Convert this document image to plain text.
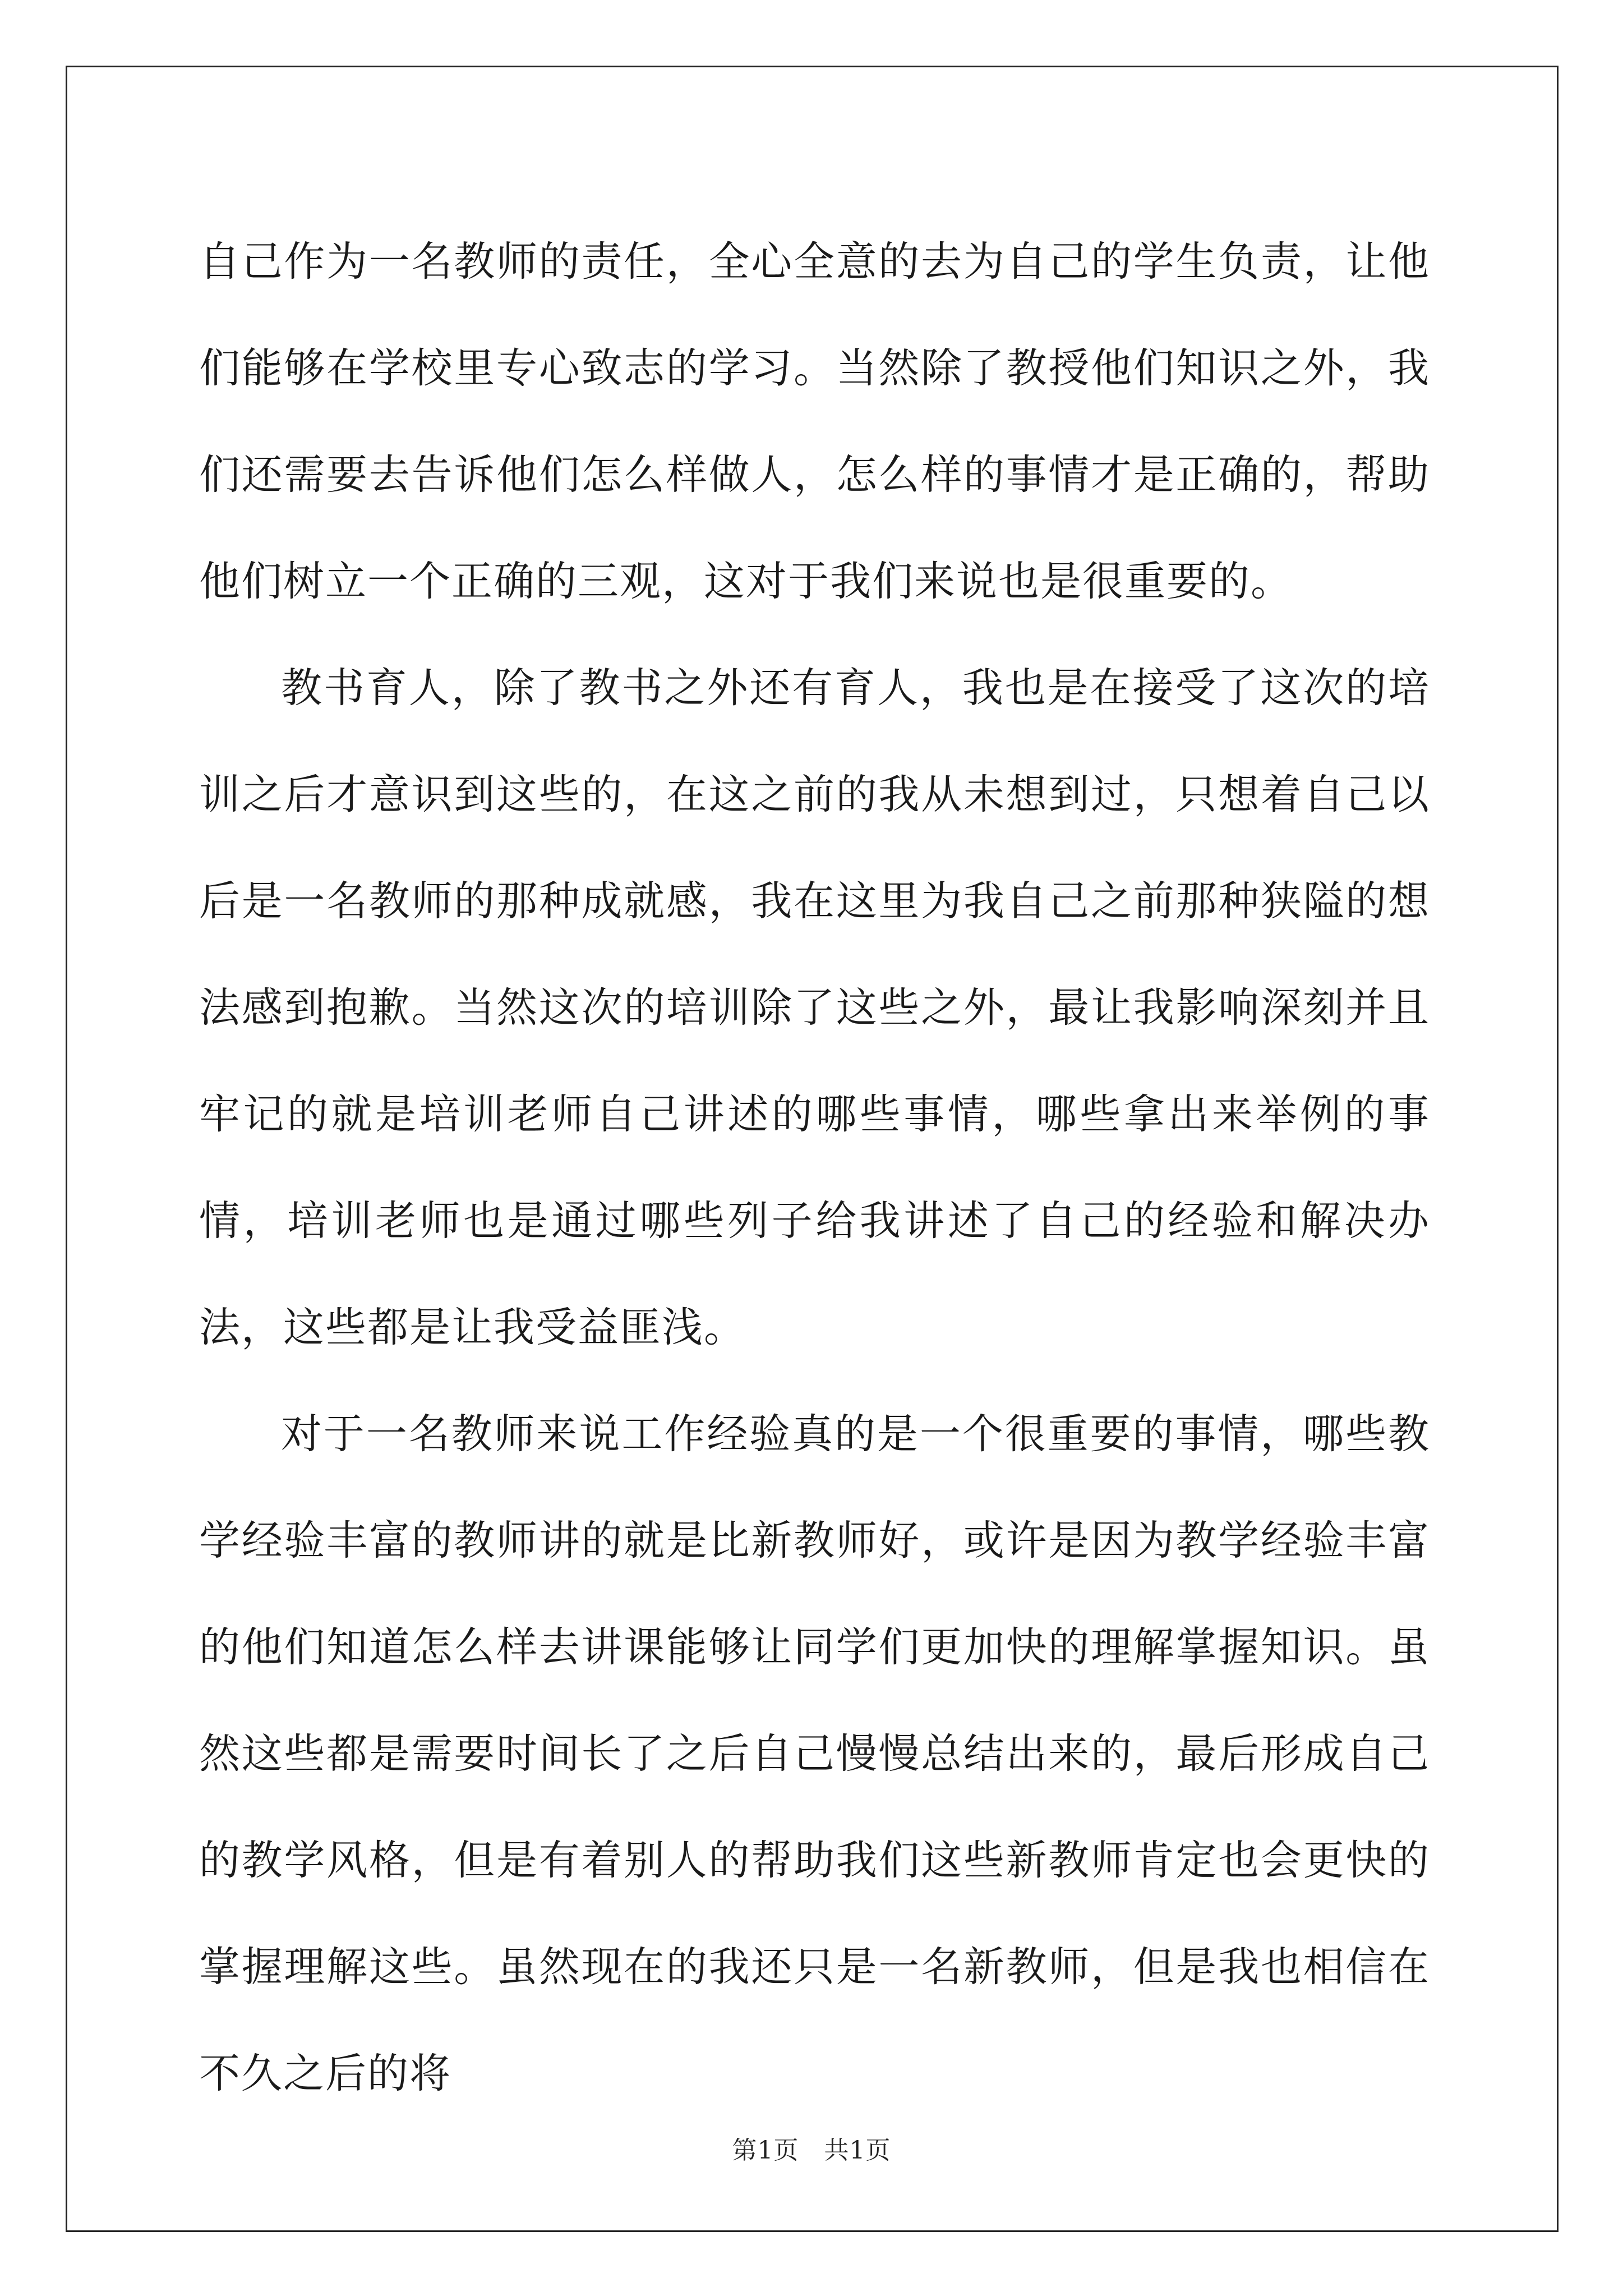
自己作为一名教师的责任，全心全意的去为自己的学生负责，让他们能够在学校里专心致志的学习。当然除了教授他们知识之外，我们还需要去告诉他们怎么样做人，怎么样的事情才是正确的，帮助他们树立一个正确的三观，这对于我们来说也是很重要的。

教书育人，除了教书之外还有育人，我也是在接受了这次的培训之后才意识到这些的，在这之前的我从未想到过，只想着自己以后是一名教师的那种成就感，我在这里为我自己之前那种狭隘的想法感到抱歉。当然这次的培训除了这些之外，最让我影响深刻并且牢记的就是培训老师自己讲述的哪些事情，哪些拿出来举例的事情，培训老师也是通过哪些列子给我讲述了自己的经验和解决办法，这些都是让我受益匪浅。

对于一名教师来说工作经验真的是一个很重要的事情，哪些教学经验丰富的教师讲的就是比新教师好，或许是因为教学经验丰富的他们知道怎么样去讲课能够让同学们更加快的理解掌握知识。虽然这些都是需要时间长了之后自己慢慢总结出来的，最后形成自己的教学风格，但是有着别人的帮助我们这些新教师肯定也会更快的掌握理解这些。虽然现在的我还只是一名新教师，但是我也相信在不久之后的将

第1页　共1页
